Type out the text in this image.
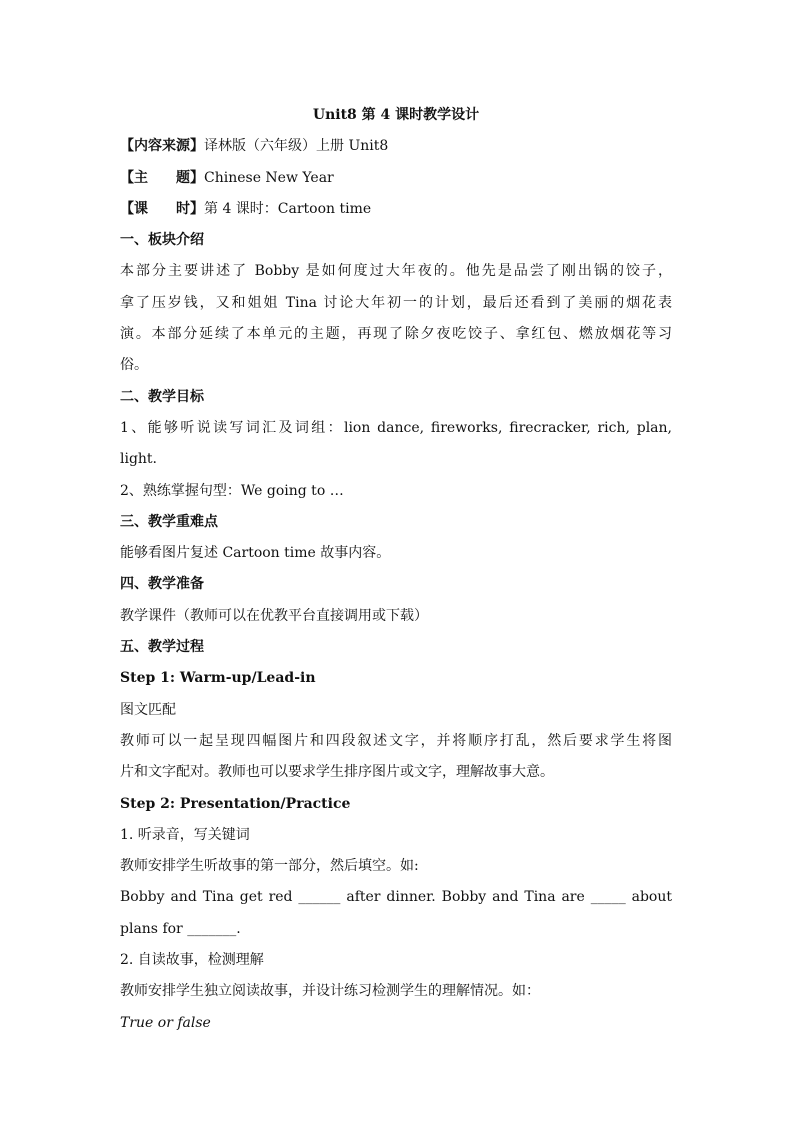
Unit8 第 4 课时教学设计
【内容来源】译林版（六年级）上册 Unit8
【主　　题】Chinese New Year
【课　　时】第 4 课时：Cartoon time
一、板块介绍
本部分主要讲述了 Bobby 是如何度过大年夜的。他先是品尝了刚出锅的饺子，
拿了压岁钱，又和姐姐 Tina 讨论大年初一的计划，最后还看到了美丽的烟花表
演。本部分延续了本单元的主题，再现了除夕夜吃饺子、拿红包、燃放烟花等习
俗。
二、教学目标
1、能够听说读写词汇及词组：lion dance, fireworks, firecracker, rich, plan,
light.
2、熟练掌握句型：We going to …
三、教学重难点
能够看图片复述 Cartoon time 故事内容。
四、教学准备
教学课件（教师可以在优教平台直接调用或下载）
五、教学过程
Step 1: Warm-up/Lead-in
图文匹配
教师可以一起呈现四幅图片和四段叙述文字，并将顺序打乱，然后要求学生将图
片和文字配对。教师也可以要求学生排序图片或文字，理解故事大意。
Step 2: Presentation/Practice
1. 听录音，写关键词
教师安排学生听故事的第一部分，然后填空。如:
Bobby and Tina get red ______ after dinner. Bobby and Tina are _____ about
plans for _______.
2. 自读故事，检测理解
教师安排学生独立阅读故事，并设计练习检测学生的理解情况。如：
True or false
